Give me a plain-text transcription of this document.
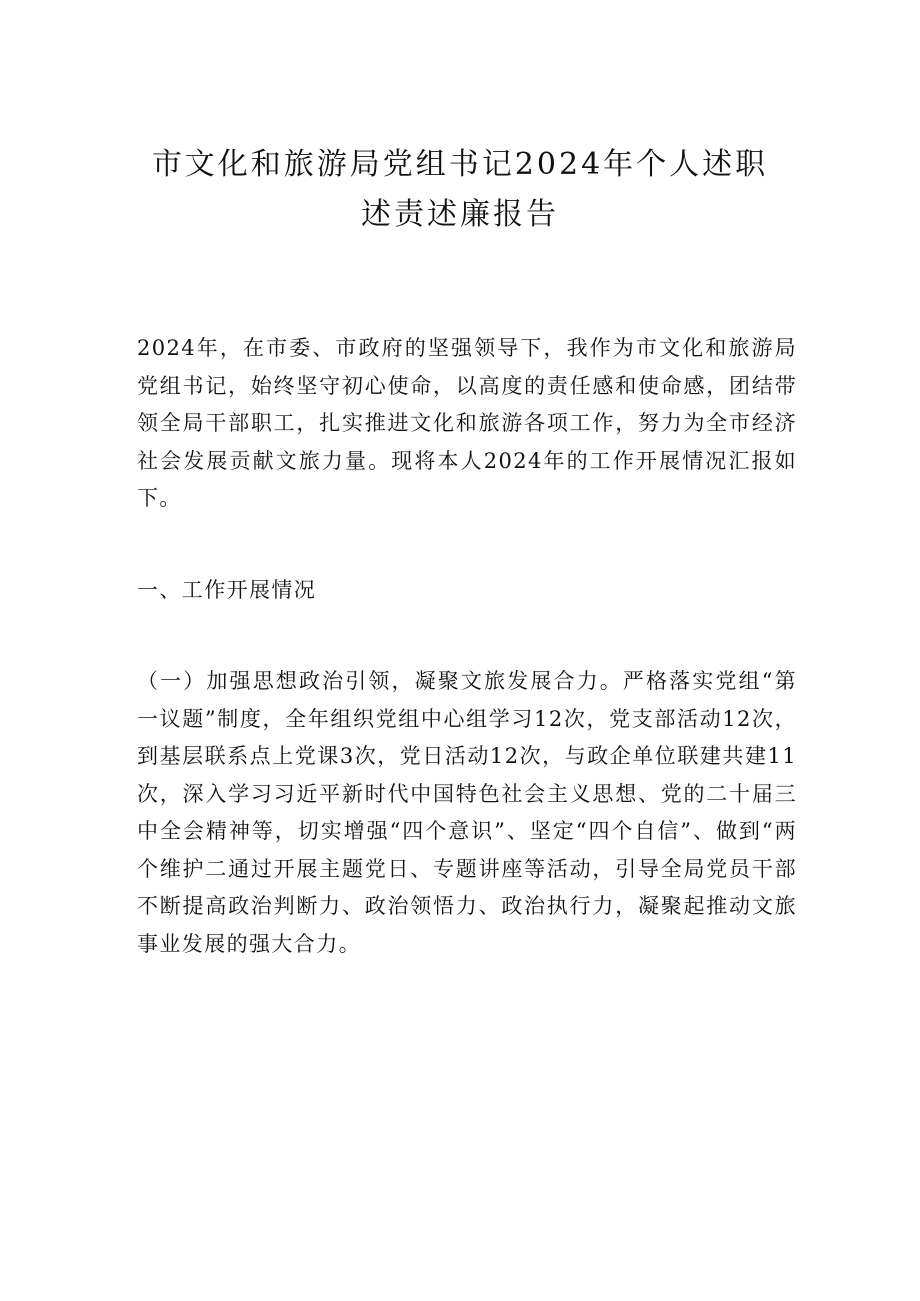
市文化和旅游局党组书记2024年个人述职
述责述廉报告

2024年，在市委、市政府的坚强领导下，我作为市文化和旅游局党组书记，始终坚守初心使命，以高度的责任感和使命感，团结带领全局干部职工，扎实推进文化和旅游各项工作，努力为全市经济社会发展贡献文旅力量。现将本人2024年的工作开展情况汇报如下。

一、工作开展情况

（一）加强思想政治引领，凝聚文旅发展合力。严格落实党组“第一议题”制度，全年组织党组中心组学习12次，党支部活动12次，到基层联系点上党课3次，党日活动12次，与政企单位联建共建11次，深入学习习近平新时代中国特色社会主义思想、党的二十届三中全会精神等，切实增强“四个意识”、坚定“四个自信”、做到“两个维护二通过开展主题党日、专题讲座等活动，引导全局党员干部不断提高政治判断力、政治领悟力、政治执行力，凝聚起推动文旅事业发展的强大合力。
